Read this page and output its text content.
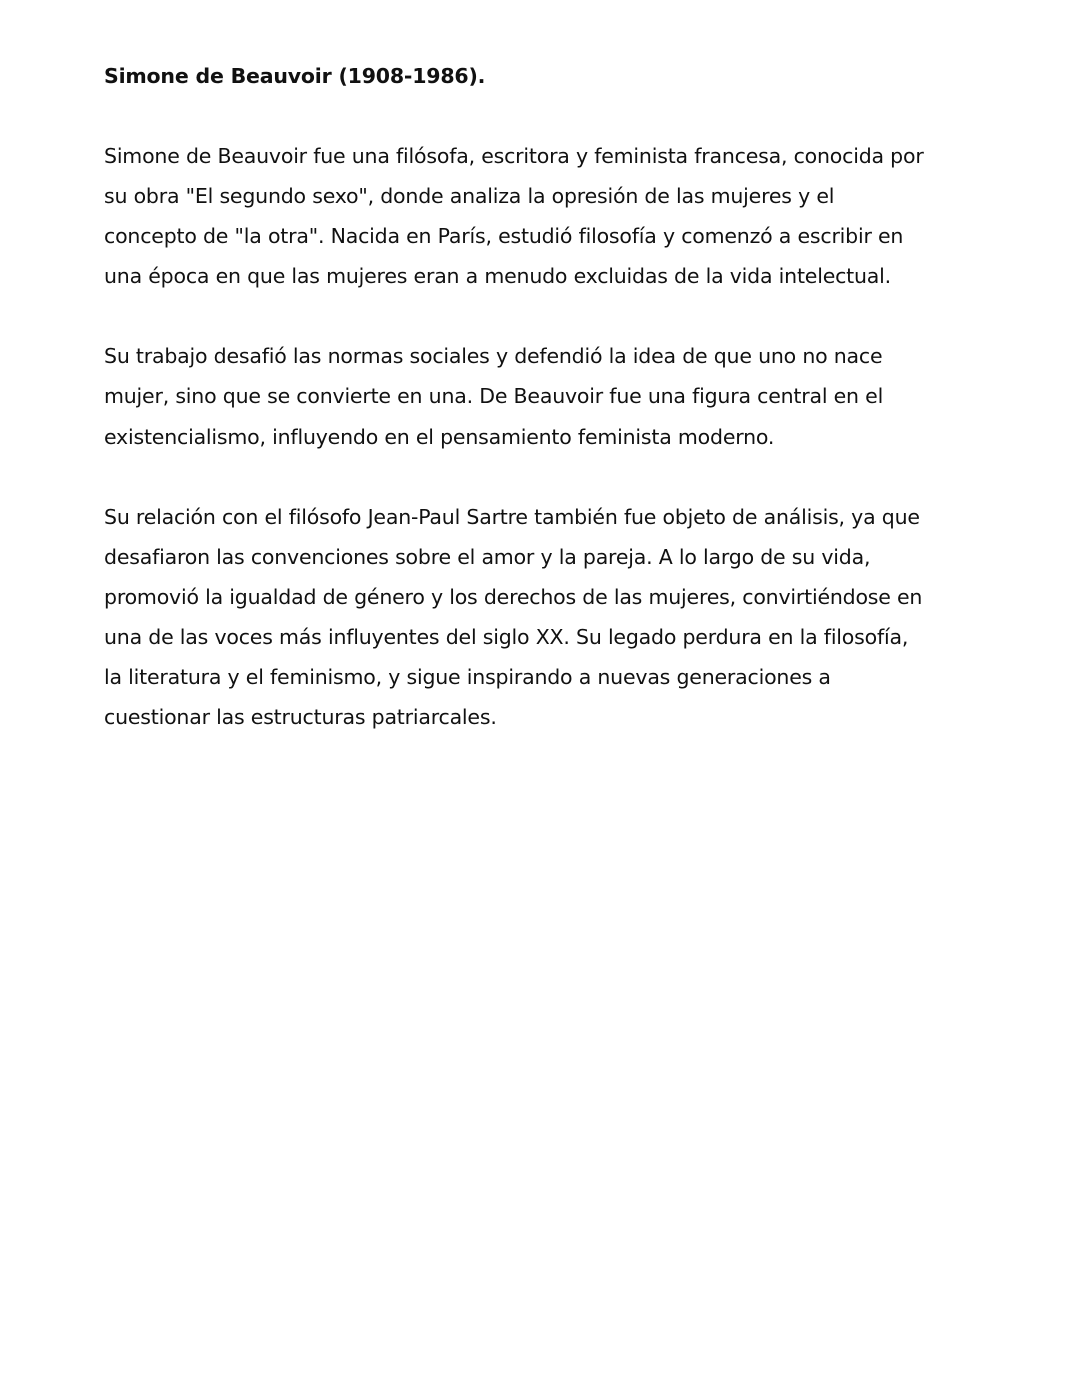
Simone de Beauvoir (1908-1986).

Simone de Beauvoir fue una filósofa, escritora y feminista francesa, conocida por su obra "El segundo sexo", donde analiza la opresión de las mujeres y el concepto de "la otra". Nacida en París, estudió filosofía y comenzó a escribir en una época en que las mujeres eran a menudo excluidas de la vida intelectual.

Su trabajo desafió las normas sociales y defendió la idea de que uno no nace mujer, sino que se convierte en una. De Beauvoir fue una figura central en el existencialismo, influyendo en el pensamiento feminista moderno.

Su relación con el filósofo Jean-Paul Sartre también fue objeto de análisis, ya que desafiaron las convenciones sobre el amor y la pareja. A lo largo de su vida, promovió la igualdad de género y los derechos de las mujeres, convirtiéndose en una de las voces más influyentes del siglo XX. Su legado perdura en la filosofía, la literatura y el feminismo, y sigue inspirando a nuevas generaciones a cuestionar las estructuras patriarcales.
